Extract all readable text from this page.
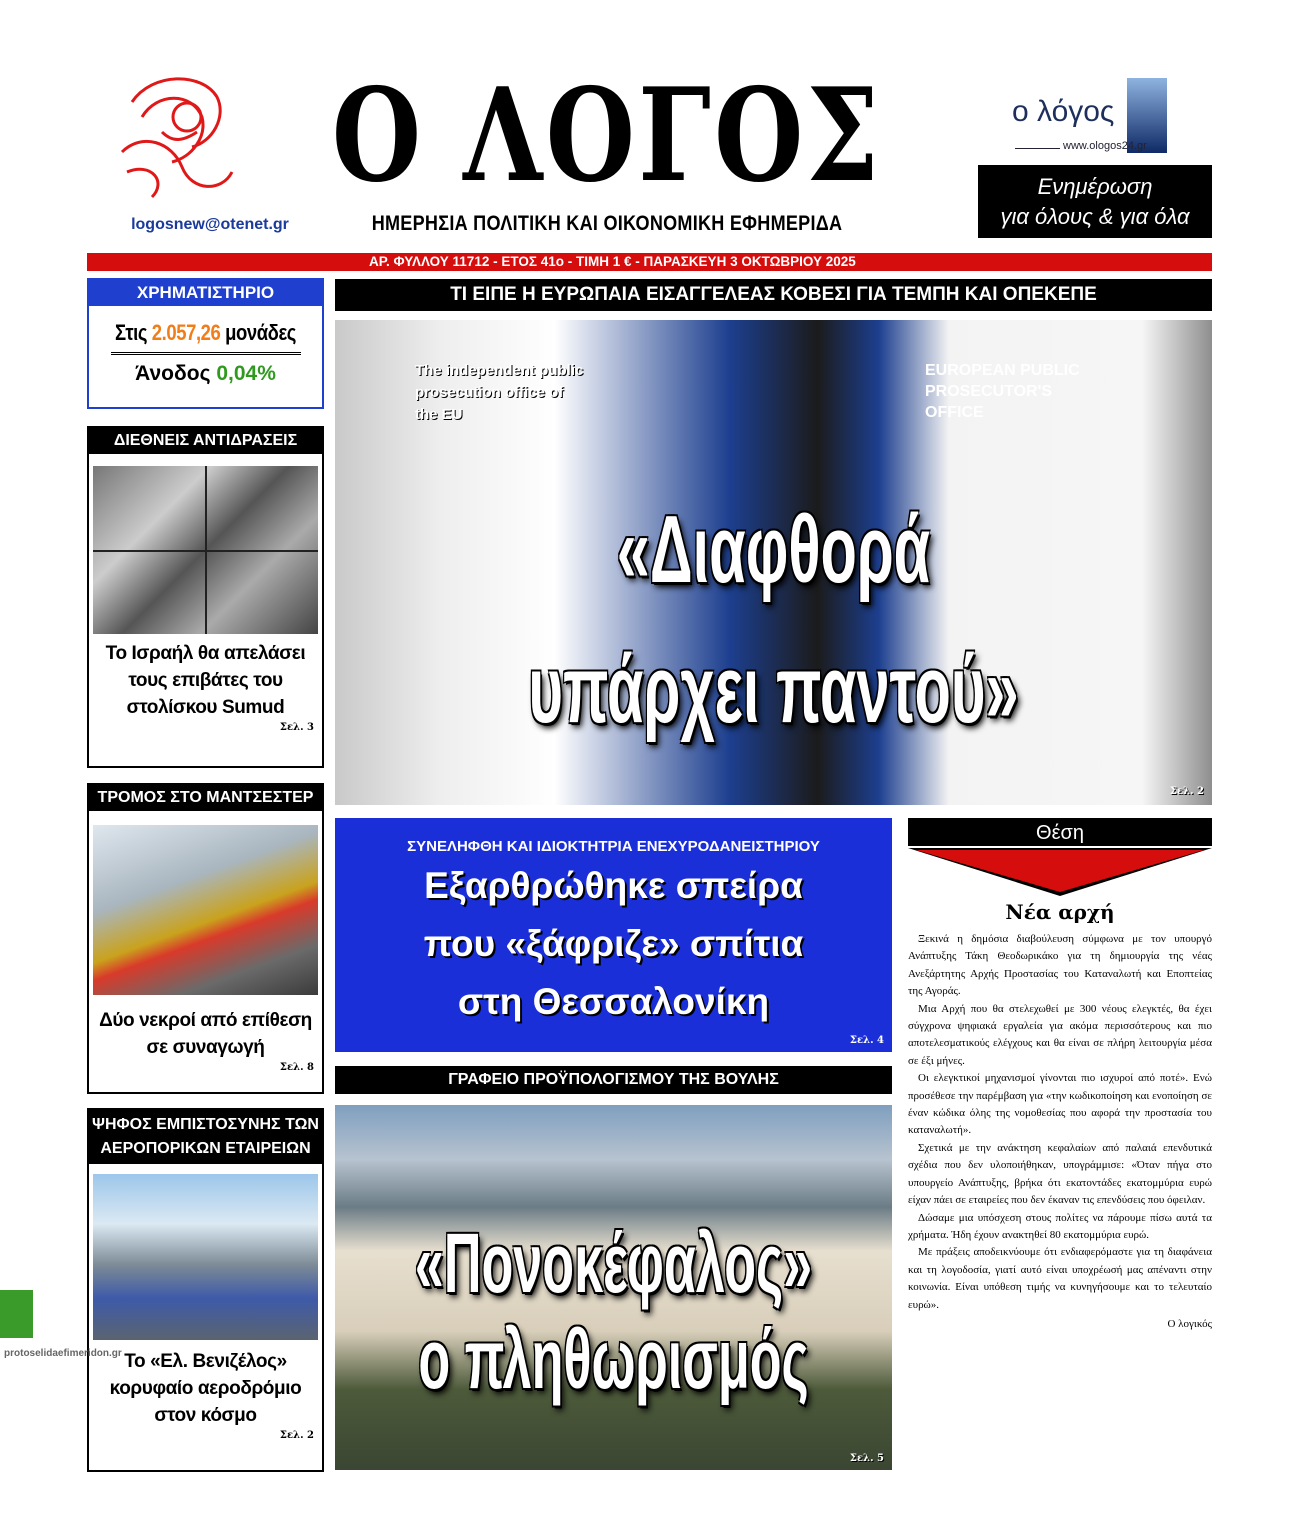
logosnew@otenet.gr
Ο ΛΟΓΟΣ
ΗΜΕΡΗΣΙΑ ΠΟΛΙΤΙΚΗ ΚΑΙ ΟΙΚΟΝΟΜΙΚΗ ΕΦΗΜΕΡΙΔΑ
ο λόγος
www.ologos24.gr
Ενημέρωση
για όλους & για όλα
ΑΡ. ΦΥΛΛΟΥ 11712 - ΕΤΟΣ 41ο - ΤΙΜΗ 1 € - ΠΑΡΑΣΚΕΥΗ 3 ΟΚΤΩΒΡΙΟΥ 2025
ΧΡΗΜΑΤΙΣΤΗΡΙΟ
Στις 2.057,26 μονάδες
Άνοδος 0,04%
ΔΙΕΘΝΕΙΣ ΑΝΤΙΔΡΑΣΕΙΣ
Το Ισραήλ θα απελάσει τους επιβάτες του στολίσκου Sumud
Σελ. 3
ΤΡΟΜΟΣ ΣΤΟ ΜΑΝΤΣΕΣΤΕΡ
Δύο νεκροί από επίθεση σε συναγωγή
Σελ. 8
ΨΗΦΟΣ ΕΜΠΙΣΤΟΣΥΝΗΣ ΤΩΝ ΑΕΡΟΠΟΡΙΚΩΝ ΕΤΑΙΡΕΙΩΝ
Το «Ελ. Βενιζέλος» κορυφαίο αεροδρόμιο στον κόσμο
Σελ. 2
ΤΙ ΕΙΠΕ Η ΕΥΡΩΠΑΙΑ ΕΙΣΑΓΓΕΛΕΑΣ ΚΟΒΕΣΙ ΓΙΑ ΤΕΜΠΗ ΚΑΙ ΟΠΕΚΕΠΕ
EUROPEAN PUBLIC PROSECUTOR'S OFFICE
The independent public prosecution office of the EU
«Διαφθορά
υπάρχει παντού»
Σελ. 2
ΣΥΝΕΛΗΦΘΗ ΚΑΙ ΙΔΙΟΚΤΗΤΡΙΑ ΕΝΕΧΥΡΟΔΑΝΕΙΣΤΗΡΙΟΥ
Εξαρθρώθηκε σπείρα
που «ξάφριζε» σπίτια
στη Θεσσαλονίκη
Σελ. 4
ΓΡΑΦΕΙΟ ΠΡΟΫΠΟΛΟΓΙΣΜΟΥ ΤΗΣ ΒΟΥΛΗΣ
«Πονοκέφαλος»
ο πληθωρισμός
Σελ. 5
Θέση
Νέα αρχή

Ξεκινά η δημόσια διαβούλευση σύμφωνα με τον υπουργό Ανάπτυξης Τάκη Θεοδωρικάκο για τη δημιουργία της νέας Ανεξάρτητης Αρχής Προστασίας του Καταναλωτή και Εποπτείας της Αγοράς.

Μια Αρχή που θα στελεχωθεί με 300 νέους ελεγκτές, θα έχει σύγχρονα ψηφιακά εργαλεία για ακόμα περισσότερους και πιο αποτελεσματικούς ελέγχους και θα είναι σε πλήρη λειτουργία μέσα σε έξι μήνες.

Οι ελεγκτικοί μηχανισμοί γίνονται πιο ισχυροί από ποτέ». Ενώ προσέθεσε την παρέμβαση για «την κωδικοποίηση και ενοποίηση σε έναν κώδικα όλης της νομοθεσίας που αφορά την προστασία του καταναλωτή».

Σχετικά με την ανάκτηση κεφαλαίων από παλαιά επενδυτικά σχέδια που δεν υλοποιήθηκαν, υπογράμμισε: «Όταν πήγα στο υπουργείο Ανάπτυξης, βρήκα ότι εκατοντάδες εκατομμύρια ευρώ είχαν πάει σε εταιρείες που δεν έκαναν τις επενδύσεις που όφειλαν.

Δώσαμε μια υπόσχεση στους πολίτες να πάρουμε πίσω αυτά τα χρήματα. Ήδη έχουν ανακτηθεί 80 εκατομμύρια ευρώ.

Με πράξεις αποδεικνύουμε ότι ενδιαφερόμαστε για τη διαφάνεια και τη λογοδοσία, γιατί αυτό είναι υποχρέωσή μας απέναντι στην κοινωνία. Είναι υπόθεση τιμής να κυνηγήσουμε και το τελευταίο ευρώ».

Ο λογικός
protoselidaefimeridon.gr
